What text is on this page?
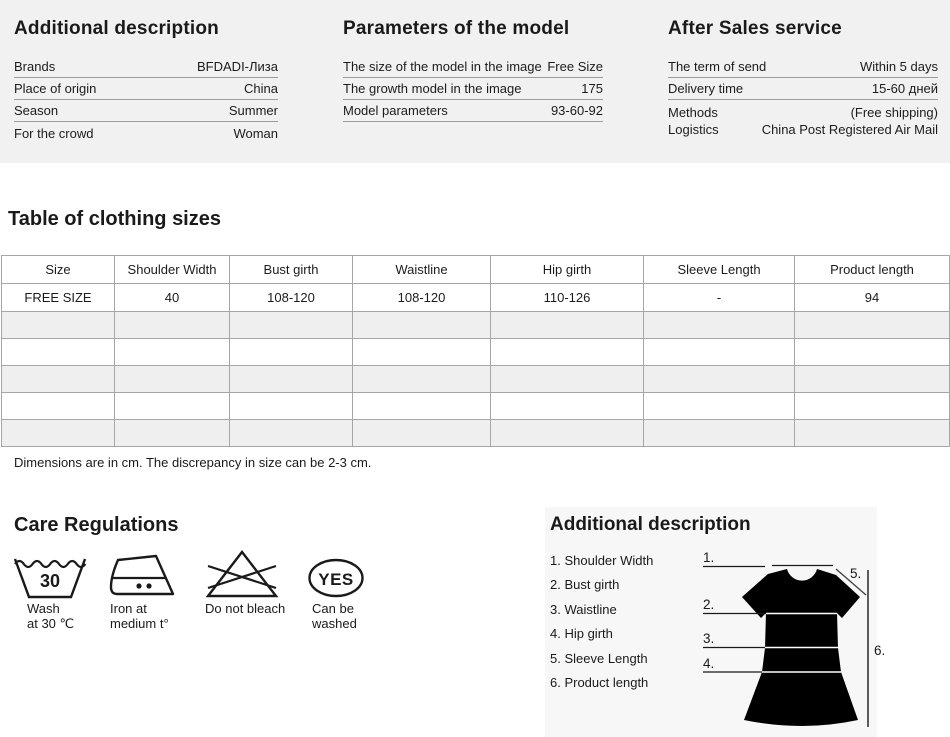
Additional description
Brands	BFDADI-Лиза
Place of origin	China
Season	Summer
For the crowd	Woman
Parameters of the model
The size of the model in the image Free Size
The growth model in the image	175
Model parameters	93-60-92
After Sales service
The term of send	Within 5 days
Delivery time	15-60 дней
Methods	(Free shipping)
Logistics	China Post Registered Air Mail
Table of clothing sizes
Size	Shoulder Width	Bust girth	Waistline	Hip girth	Sleeve Length	Product length
FREE SIZE	40	108-120	108-120	110-126	-	94

Dimensions are in cm. The discrepancy in size can be 2-3 cm.

Care Regulations
30
Wash
at 30 ℃
Iron at
medium t°
Do not bleach
YES
Can be
washed
Additional description
1. Shoulder Width
2. Bust girth
3. Waistline
4. Hip girth
5. Sleeve Length
6. Product length
1.
2.
3.
4.
5.
6.
